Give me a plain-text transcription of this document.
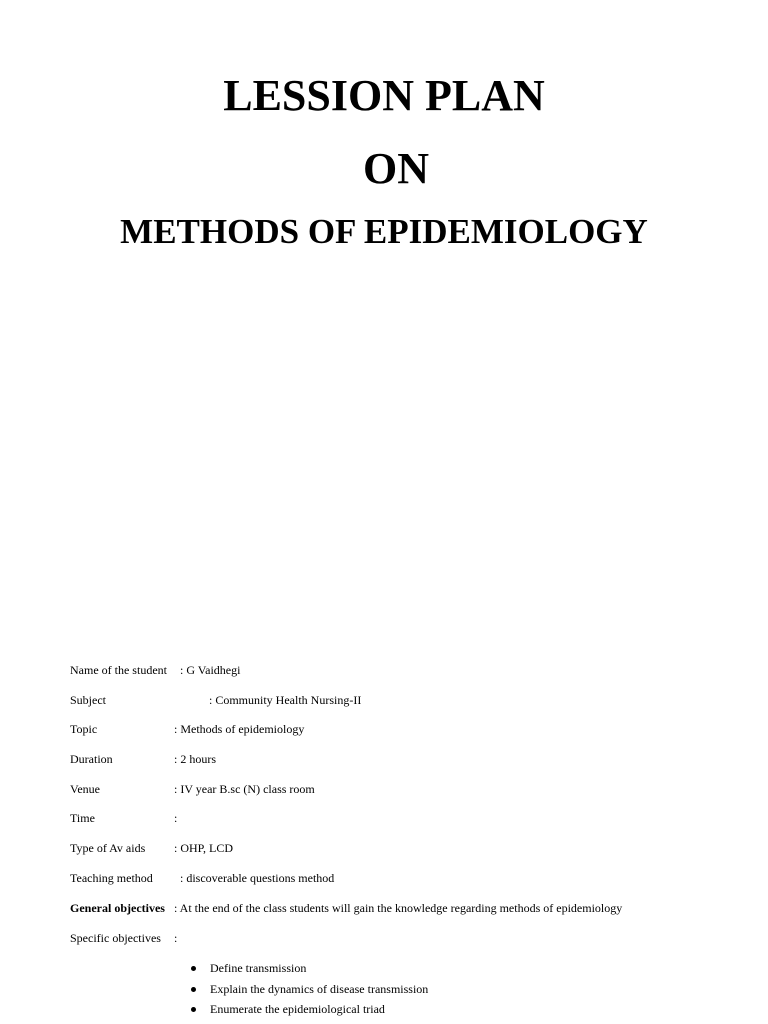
LESSION PLAN
ON
METHODS OF EPIDEMIOLOGY
Name of the student : G Vaidhegi
Subject	: Community Health Nursing-II
Topic	: Methods of epidemiology
Duration	: 2 hours
Venue	: IV year B.sc (N) class room
Time	:
Type of Av aids : OHP, LCD
Teaching method : discoverable questions method
General objectives : At the end of the class students will gain the knowledge regarding methods of epidemiology
Specific objectives :
Define transmission
Explain the dynamics of disease transmission
Enumerate the epidemiological triad
